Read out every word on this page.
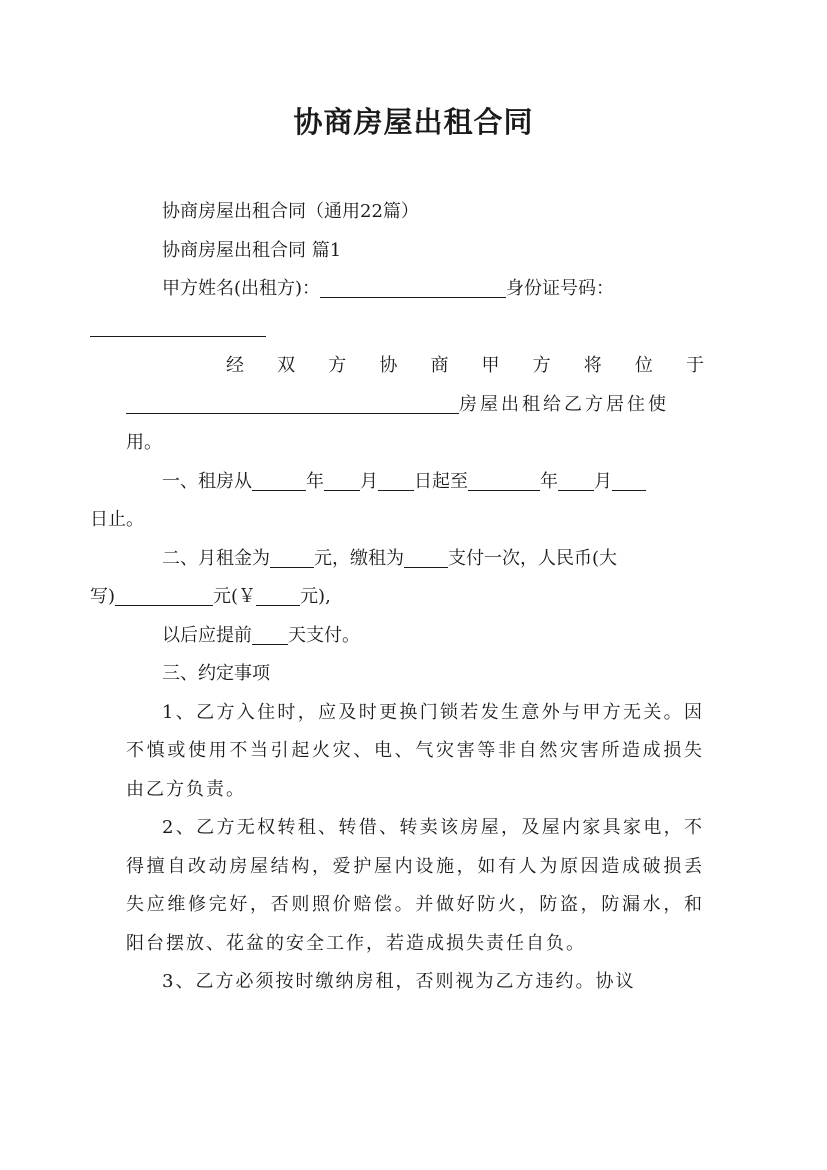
协商房屋出租合同

协商房屋出租合同（通用22篇）

协商房屋出租合同 篇1

甲方姓名(出租方)：	身份证号码：

经双方协商甲方将位于
房屋出租给乙方居住使
用。

一、租房从	年 月 日起至	年 月
日止。

二、月租金为 元，缴租为 支付一次，人民币(大
写)	元(￥ 元),

以后应提前 天支付。

三、约定事项

1、乙方入住时，应及时更换门锁若发生意外与甲方无关。因不慎或使用不当引起火灾、电、气灾害等非自然灾害所造成损失由乙方负责。

2、乙方无权转租、转借、转卖该房屋，及屋内家具家电，不得擅自改动房屋结构，爱护屋内设施，如有人为原因造成破损丢失应维修完好，否则照价赔偿。并做好防火，防盗，防漏水，和阳台摆放、花盆的安全工作，若造成损失责任自负。

3、乙方必须按时缴纳房租，否则视为乙方违约。协议
